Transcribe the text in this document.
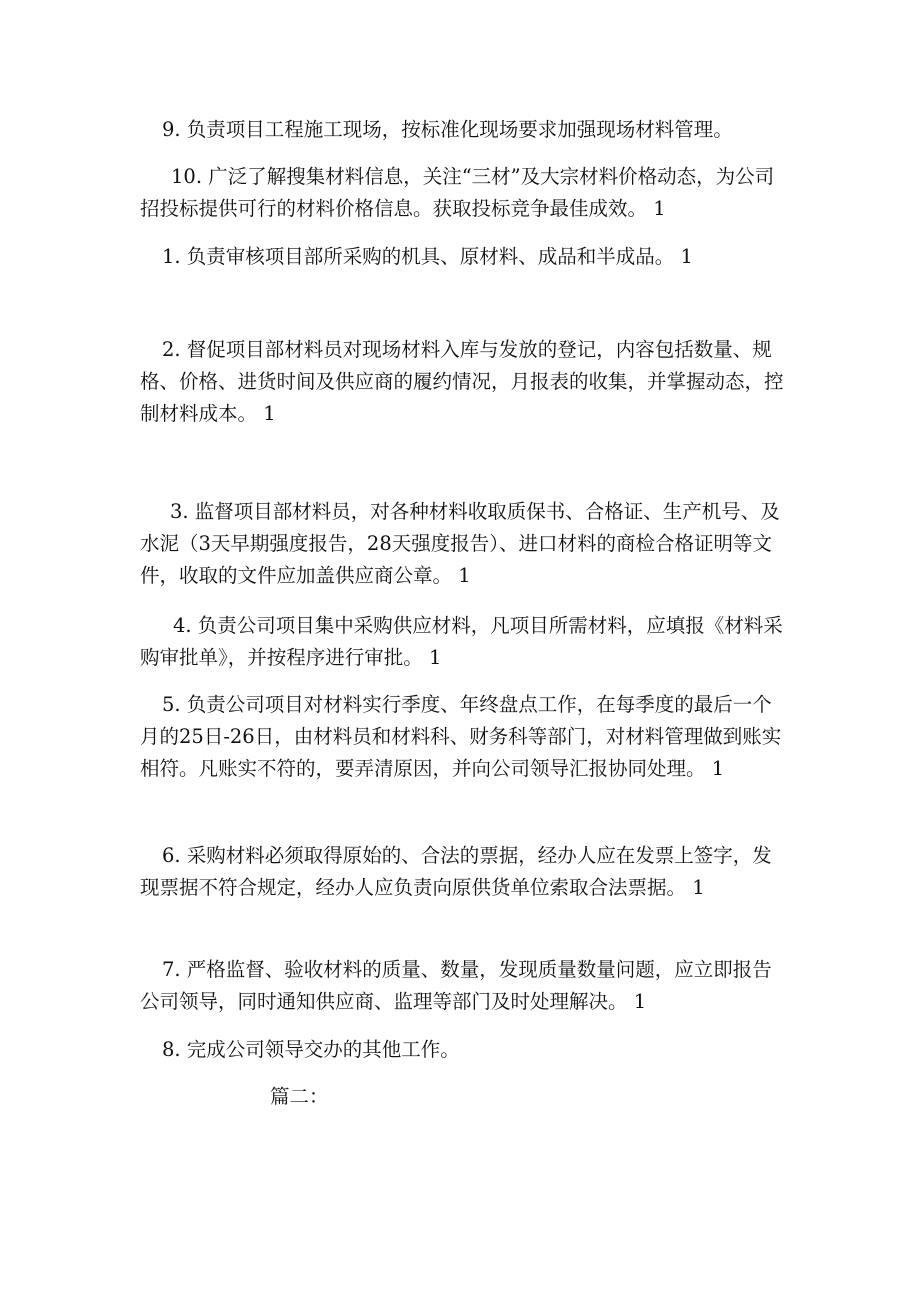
9. 负责项目工程施工现场，按标准化现场要求加强现场材料管理。

10. 广泛了解搜集材料信息，关注“三材”及大宗材料价格动态，为公司招投标提供可行的材料价格信息。获取投标竞争最佳成效。 1

1. 负责审核项目部所采购的机具、原材料、成品和半成品。 1

2. 督促项目部材料员对现场材料入库与发放的登记，内容包括数量、规格、价格、进货时间及供应商的履约情况，月报表的收集，并掌握动态，控制材料成本。 1

3. 监督项目部材料员，对各种材料收取质保书、合格证、生产机号、及水泥（3天早期强度报告，28天强度报告）、进口材料的商检合格证明等文件，收取的文件应加盖供应商公章。 1

4. 负责公司项目集中采购供应材料，凡项目所需材料，应填报《材料采购审批单》，并按程序进行审批。 1

5. 负责公司项目对材料实行季度、年终盘点工作，在每季度的最后一个月的25日-26日，由材料员和材料科、财务科等部门，对材料管理做到账实相符。凡账实不符的，要弄清原因，并向公司领导汇报协同处理。 1

6. 采购材料必须取得原始的、合法的票据，经办人应在发票上签字，发现票据不符合规定，经办人应负责向原供货单位索取合法票据。 1

7. 严格监督、验收材料的质量、数量，发现质量数量问题，应立即报告公司领导，同时通知供应商、监理等部门及时处理解决。 1

8. 完成公司领导交办的其他工作。

篇二：
